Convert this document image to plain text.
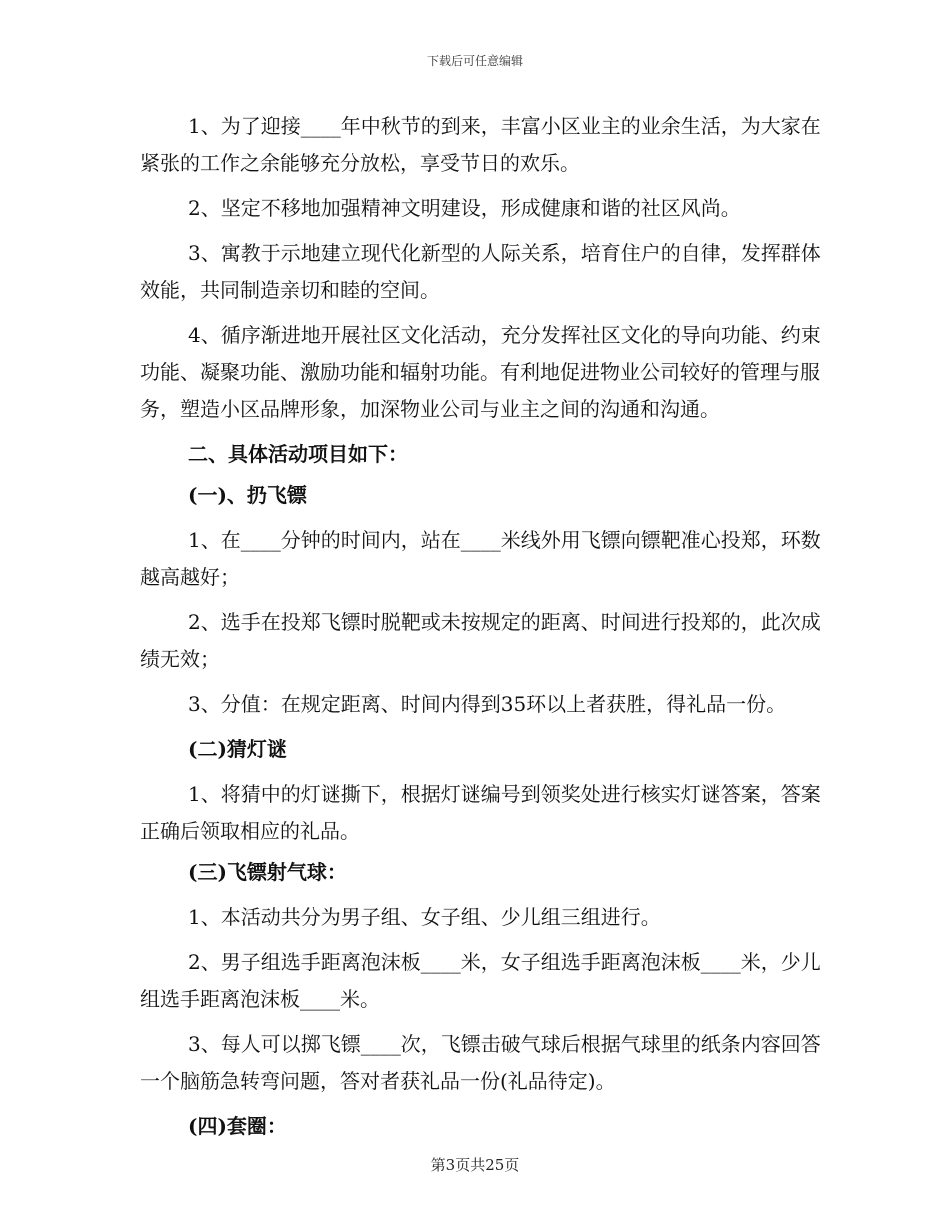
下载后可任意编辑
1、为了迎接____年中秋节的到来，丰富小区业主的业余生活，为大家在紧张的工作之余能够充分放松，享受节日的欢乐。
2、坚定不移地加强精神文明建设，形成健康和谐的社区风尚。
3、寓教于示地建立现代化新型的人际关系，培育住户的自律，发挥群体效能，共同制造亲切和睦的空间。
4、循序渐进地开展社区文化活动，充分发挥社区文化的导向功能、约束功能、凝聚功能、激励功能和辐射功能。有利地促进物业公司较好的管理与服务，塑造小区品牌形象，加深物业公司与业主之间的沟通和沟通。
二、具体活动项目如下：
(一)、扔飞镖
1、在____分钟的时间内，站在____米线外用飞镖向镖靶准心投郑，环数越高越好；
2、选手在投郑飞镖时脱靶或未按规定的距离、时间进行投郑的，此次成绩无效；
3、分值：在规定距离、时间内得到35环以上者获胜，得礼品一份。
(二)猜灯谜
1、将猜中的灯谜撕下，根据灯谜编号到领奖处进行核实灯谜答案，答案正确后领取相应的礼品。
(三)飞镖射气球：
1、本活动共分为男子组、女子组、少儿组三组进行。
2、男子组选手距离泡沫板____米，女子组选手距离泡沫板____米，少儿组选手距离泡沫板____米。
3、每人可以掷飞镖____次，飞镖击破气球后根据气球里的纸条内容回答一个脑筋急转弯问题，答对者获礼品一份(礼品待定)。
(四)套圈：
第3页共25页
